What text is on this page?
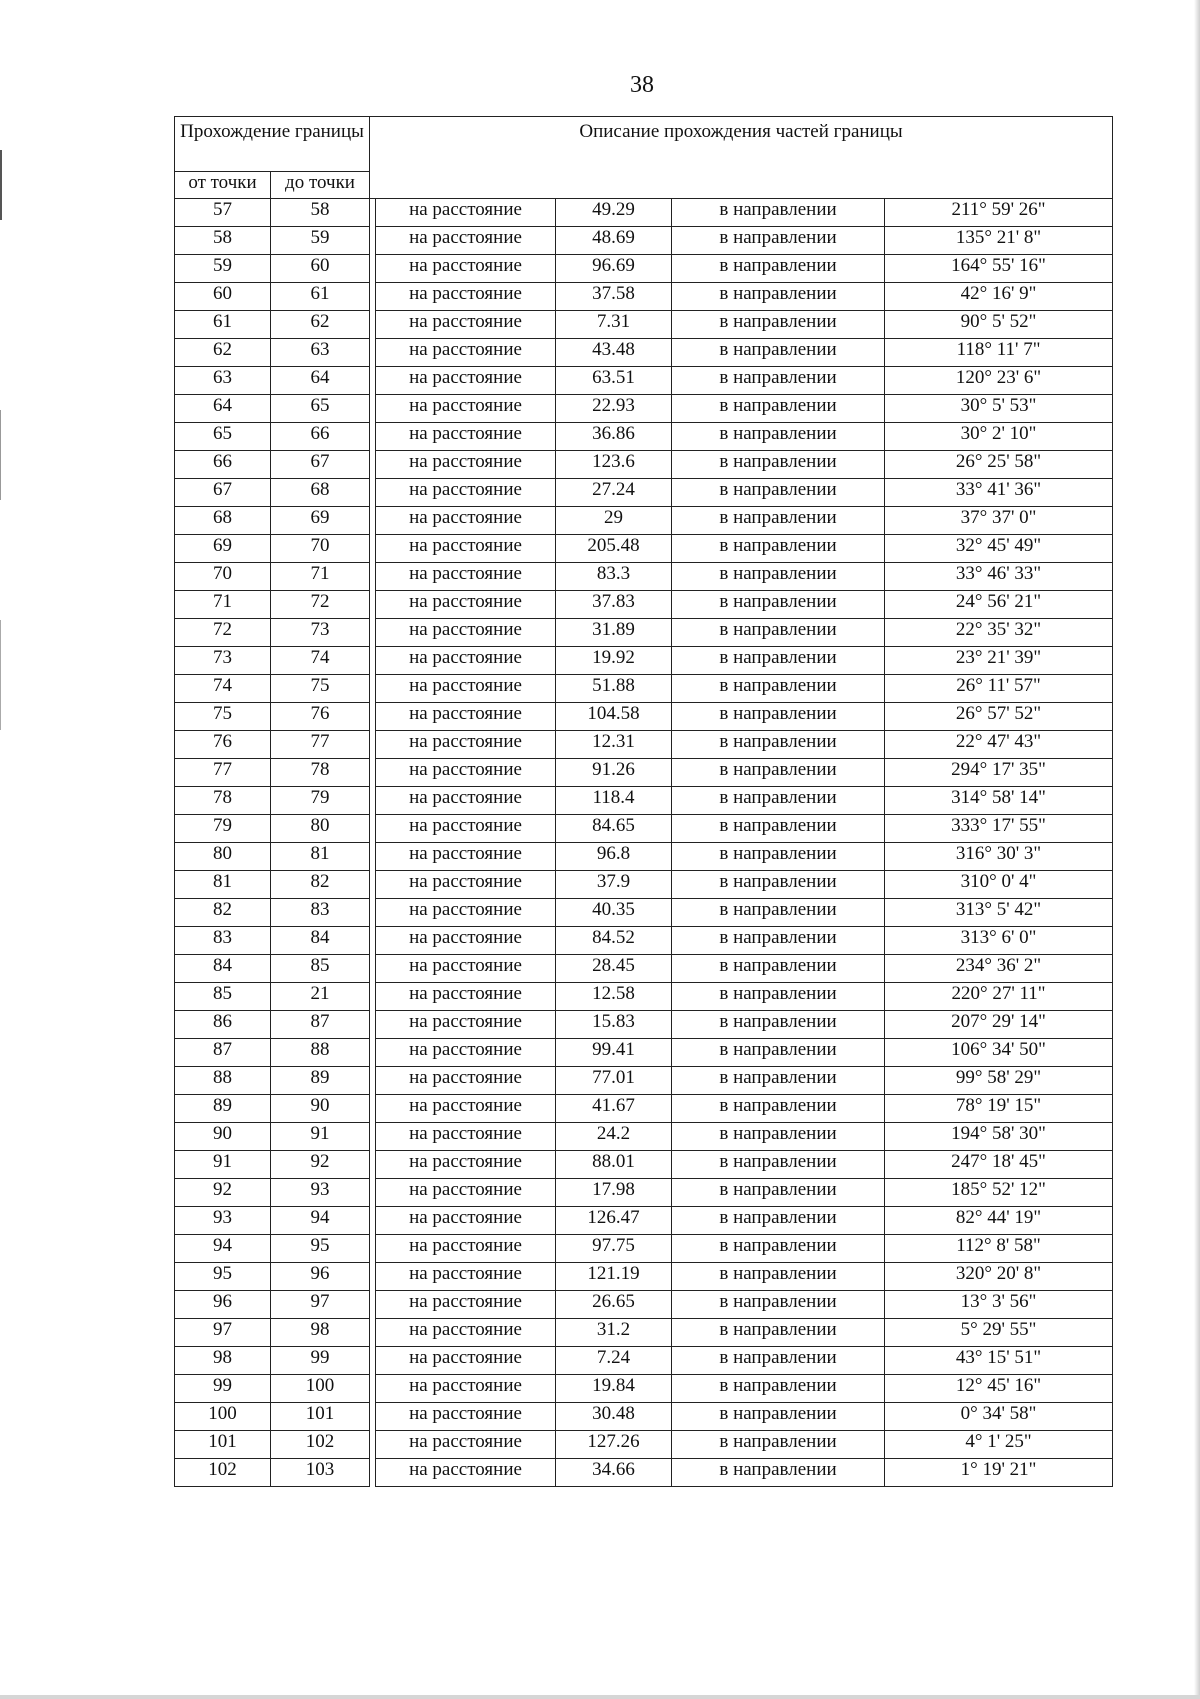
38
Прохождение границы		Описание прохождения частей границы				
от точки	до точки					
57	58		на расстояние	49.29	в направлении	211° 59' 26"
58	59		на расстояние	48.69	в направлении	135° 21' 8"
59	60		на расстояние	96.69	в направлении	164° 55' 16"
60	61		на расстояние	37.58	в направлении	42° 16' 9"
61	62		на расстояние	7.31	в направлении	90° 5' 52"
62	63		на расстояние	43.48	в направлении	118° 11' 7"
63	64		на расстояние	63.51	в направлении	120° 23' 6"
64	65		на расстояние	22.93	в направлении	30° 5' 53"
65	66		на расстояние	36.86	в направлении	30° 2' 10"
66	67		на расстояние	123.6	в направлении	26° 25' 58"
67	68		на расстояние	27.24	в направлении	33° 41' 36"
68	69		на расстояние	29	в направлении	37° 37' 0"
69	70		на расстояние	205.48	в направлении	32° 45' 49"
70	71		на расстояние	83.3	в направлении	33° 46' 33"
71	72		на расстояние	37.83	в направлении	24° 56' 21"
72	73		на расстояние	31.89	в направлении	22° 35' 32"
73	74		на расстояние	19.92	в направлении	23° 21' 39"
74	75		на расстояние	51.88	в направлении	26° 11' 57"
75	76		на расстояние	104.58	в направлении	26° 57' 52"
76	77		на расстояние	12.31	в направлении	22° 47' 43"
77	78		на расстояние	91.26	в направлении	294° 17' 35"
78	79		на расстояние	118.4	в направлении	314° 58' 14"
79	80		на расстояние	84.65	в направлении	333° 17' 55"
80	81		на расстояние	96.8	в направлении	316° 30' 3"
81	82		на расстояние	37.9	в направлении	310° 0' 4"
82	83		на расстояние	40.35	в направлении	313° 5' 42"
83	84		на расстояние	84.52	в направлении	313° 6' 0"
84	85		на расстояние	28.45	в направлении	234° 36' 2"
85	21		на расстояние	12.58	в направлении	220° 27' 11"
86	87		на расстояние	15.83	в направлении	207° 29' 14"
87	88		на расстояние	99.41	в направлении	106° 34' 50"
88	89		на расстояние	77.01	в направлении	99° 58' 29"
89	90		на расстояние	41.67	в направлении	78° 19' 15"
90	91		на расстояние	24.2	в направлении	194° 58' 30"
91	92		на расстояние	88.01	в направлении	247° 18' 45"
92	93		на расстояние	17.98	в направлении	185° 52' 12"
93	94		на расстояние	126.47	в направлении	82° 44' 19"
94	95		на расстояние	97.75	в направлении	112° 8' 58"
95	96		на расстояние	121.19	в направлении	320° 20' 8"
96	97		на расстояние	26.65	в направлении	13° 3' 56"
97	98		на расстояние	31.2	в направлении	5° 29' 55"
98	99		на расстояние	7.24	в направлении	43° 15' 51"
99	100		на расстояние	19.84	в направлении	12° 45' 16"
100	101		на расстояние	30.48	в направлении	0° 34' 58"
101	102		на расстояние	127.26	в направлении	4° 1' 25"
102	103		на расстояние	34.66	в направлении	1° 19' 21"
